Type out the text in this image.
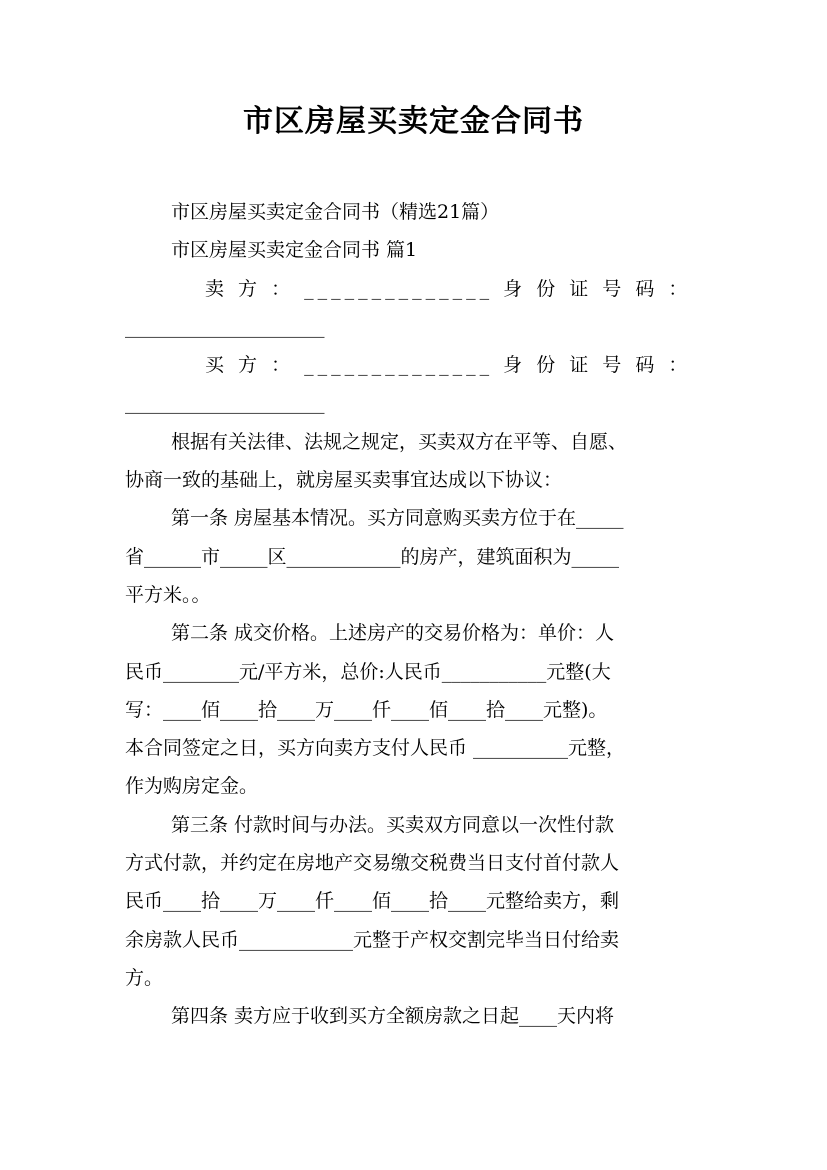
市区房屋买卖定金合同书
市区房屋买卖定金合同书（精选21篇）
市区房屋买卖定金合同书 篇1
卖 方 ： ______________ 身 份 证 号 码 ：
_____________________
买 方 ： ______________ 身 份 证 号 码 ：
_____________________
根据有关法律、法规之规定，买卖双方在平等、自愿、
协商一致的基础上，就房屋买卖事宜达成以下协议：
第一条 房屋基本情况。买方同意购买卖方位于在_____
省______市_____区____________的房产，建筑面积为_____
平方米。。
第二条 成交价格。上述房产的交易价格为：单价：人
民币________元/平方米，总价:人民币___________元整(大
写：____佰____拾____万____仟____佰____拾____元整)。
本合同签定之日，买方向卖方支付人民币 __________元整，
作为购房定金。
第三条 付款时间与办法。买卖双方同意以一次性付款
方式付款，并约定在房地产交易缴交税费当日支付首付款人
民币____拾____万____仟____佰____拾____元整给卖方，剩
余房款人民币____________元整于产权交割完毕当日付给卖
方。
第四条 卖方应于收到买方全额房款之日起____天内将
